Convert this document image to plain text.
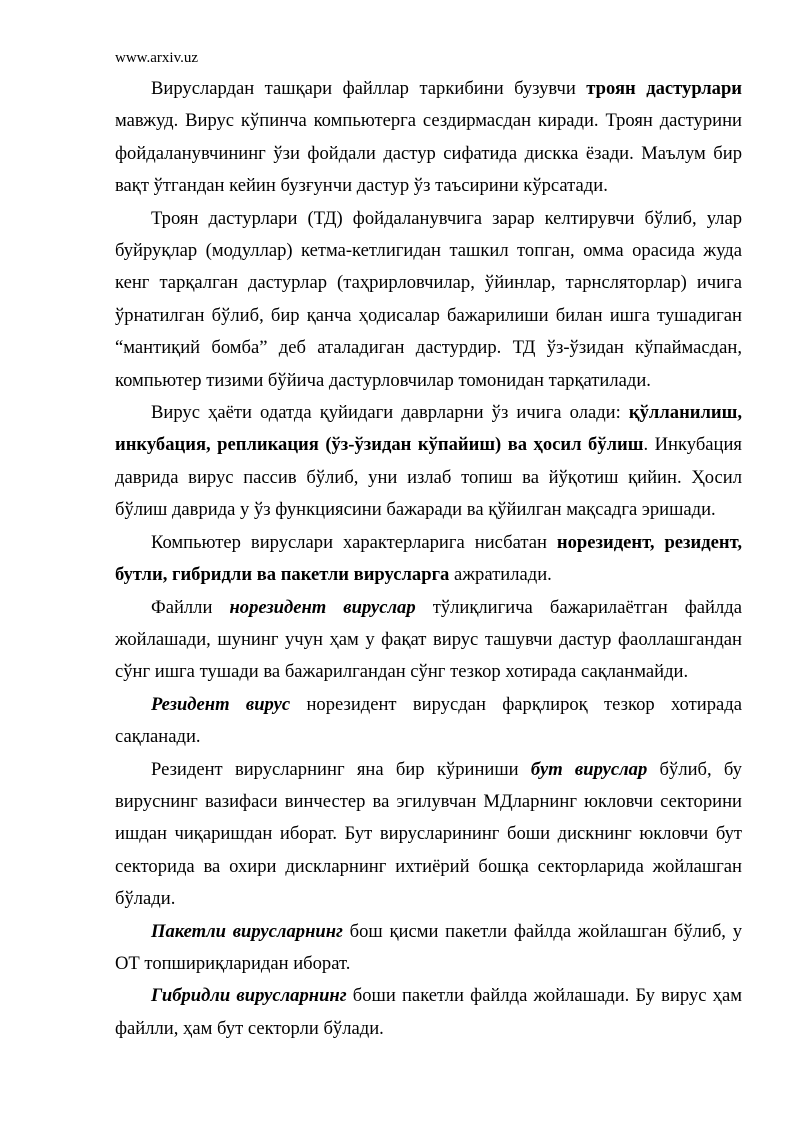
www.arxiv.uz

Вируслардан ташқари файллар таркибини бузувчи троян дастурлари мавжуд. Вирус кўпинча компьютерга сездирмасдан киради. Троян дастурини фойдаланувчининг ўзи фойдали дастур сифатида дискка ёзади. Маълум бир вақт ўтгандан кейин бузғунчи дастур ўз таъсирини кўрсатади.

Троян дастурлари (ТД) фойдаланувчига зарар келтирувчи бўлиб, улар буйруқлар (модуллар) кетма-кетлигидан ташкил топган, омма орасида жуда кенг тарқалган дастурлар (таҳрирловчилар, ўйинлар, тарнсляторлар) ичига ўрнатилган бўлиб, бир қанча ҳодисалар бажарилиши билан ишга тушадиган “мантиқий бомба” деб аталадиган дастурдир. ТД ўз-ўзидан кўпаймасдан, компьютер тизими бўйича дастурловчилар томонидан тарқатилади.

Вирус ҳаёти одатда қуйидаги даврларни ўз ичига олади: қўлланилиш, инкубация, репликация (ўз-ўзидан кўпайиш) ва ҳосил бўлиш. Инкубация даврида вирус пассив бўлиб, уни излаб топиш ва йўқотиш қийин. Ҳосил бўлиш даврида у ўз функциясини бажаради ва қўйилган мақсадга эришади.

Компьютер вируслари характерларига нисбатан норезидент, резидент, бутли, гибридли ва пакетли вирусларга ажратилади.

Файлли норезидент вируслар тўлиқлигича бажарилаётган файлда жойлашади, шунинг учун ҳам у фақат вирус ташувчи дастур фаоллашгандан сўнг ишга тушади ва бажарилгандан сўнг тезкор хотирада сақланмайди.

Резидент вирус норезидент вирусдан фарқлироқ тезкор хотирада сақланади.

Резидент вирусларнинг яна бир кўриниши бут вируслар бўлиб, бу вируснинг вазифаси винчестер ва эгилувчан МДларнинг юкловчи секторини ишдан чиқаришдан иборат. Бут вирусларининг боши дискнинг юкловчи бут секторида ва охири дискларнинг ихтиёрий бошқа секторларида жойлашган бўлади.

Пакетли вирусларнинг бош қисми пакетли файлда жойлашган бўлиб, у ОТ топшириқларидан иборат.

Гибридли вирусларнинг боши пакетли файлда жойлашади. Бу вирус ҳам файлли, ҳам бут секторли бўлади.
